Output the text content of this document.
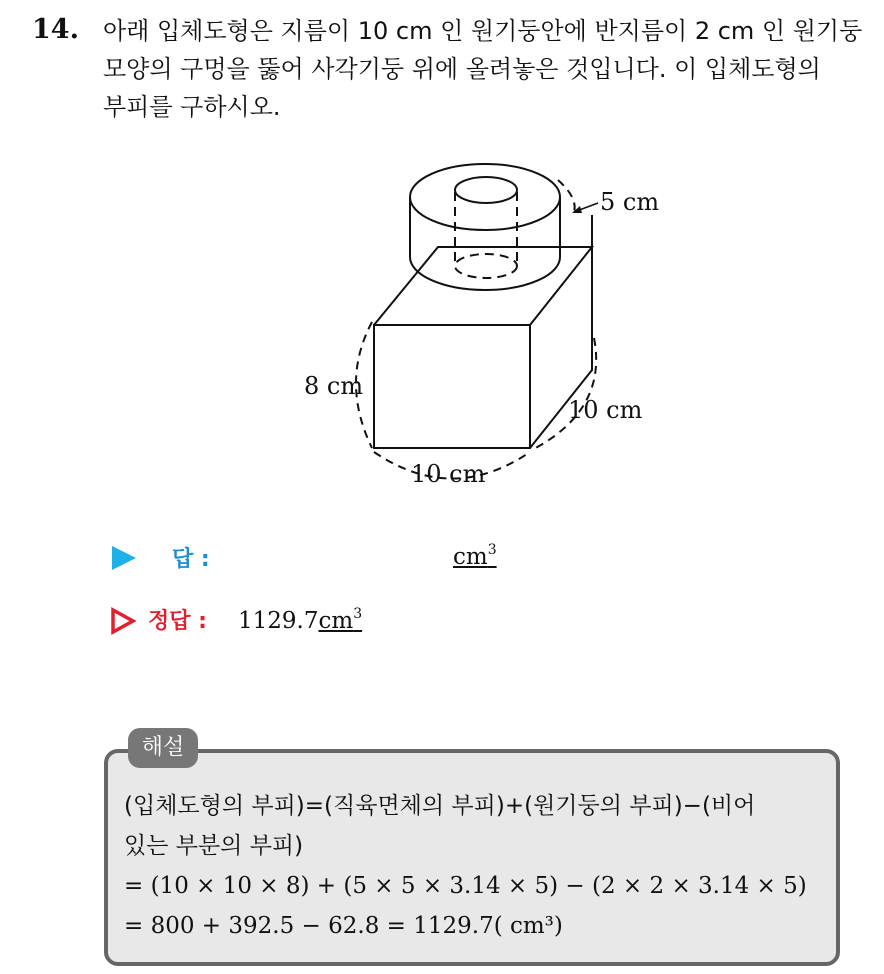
14. 아래 입체도형은 지름이 10 cm 인 원기둥안에 반지름이 2 cm 인 원기둥
모양의 구멍을 뚫어 사각기둥 위에 올려놓은 것입니다. 이 입체도형의
부피를 구하시오.

5 cm
8 cm
10 cm
10 cm
답 :	$cm^3$
정답 : $1129.7cm^3$
해설
(입체도형의 부피)=(직육면체의 부피)+(원기둥의 부피)−(비어
있는 부분의 부피)
= (10 × 10 × 8) + (5 × 5 × 3.14 × 5) − (2 × 2 × 3.14 × 5)
= 800 + 392.5 − 62.8 = 1129.7( cm³)
